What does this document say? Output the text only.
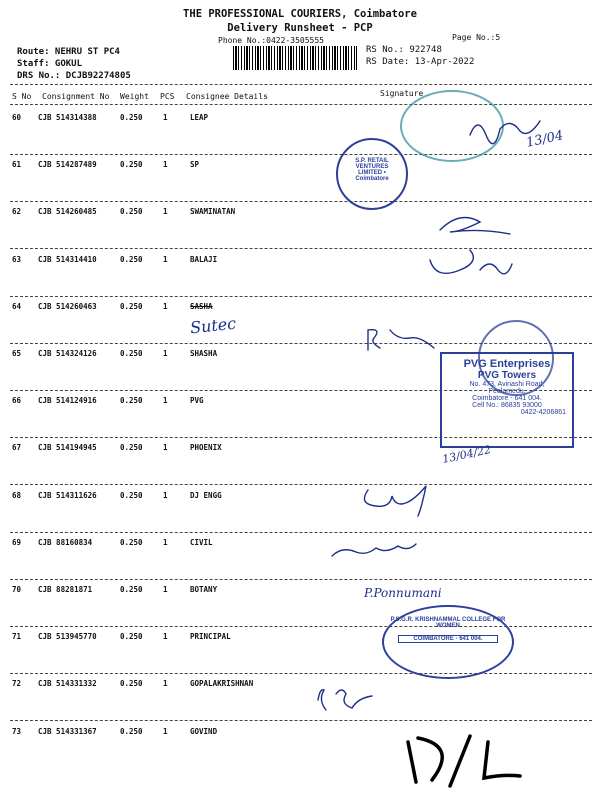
THE PROFESSIONAL COURIERS, Coimbatore
Delivery Runsheet - PCP
Phone No.:0422-3505555	Page No.:5
Route: NEHRU ST PC4
Staff: GOKUL
DRS No.: DCJB92274805
RS No.: 922748
RS Date: 13-Apr-2022
S No Consignment No Weight PCS Consignee Details	Signature
60 CJB 514314388	0.250	1	LEAP
61 CJB 514287489	0.250	1	SP
62 CJB 514260485	0.250	1	SWAMINATAN
63 CJB 514314410	0.250	1	BALAJI
64 CJB 514260463	0.250	1	SASHA
65 CJB 514324126	0.250	1	SHASHA
66 CJB 514124916	0.250	1	PVG
67 CJB 514194945	0.250	1	PHOENIX
68 CJB 514311626	0.250	1	DJ ENGG
69 CJB 88160834	0.250	1	CIVIL
70 CJB 88281871	0.250	1	BOTANY
71 CJB 513945770	0.250	1	PRINCIPAL
72 CJB 514331332	0.250	1	GOPALAKRISHNAN
73 CJB 514331367	0.250	1	GOVIND
S.P. RETAIL VENTURES LIMITED • Coimbatore
PVG Enterprises
PVG Towers
No. 473, Avinashi Road,
Peelamedu,
Coimbatore - 641 004.
Cell No.: 86835 93000
0422-4206861
P.S.G.R. KRISHNAMMAL COLLEGE FOR WOMEN
COIMBATORE - 641 004.
13/04
Sutec
13/04/22
P.Ponnumani
